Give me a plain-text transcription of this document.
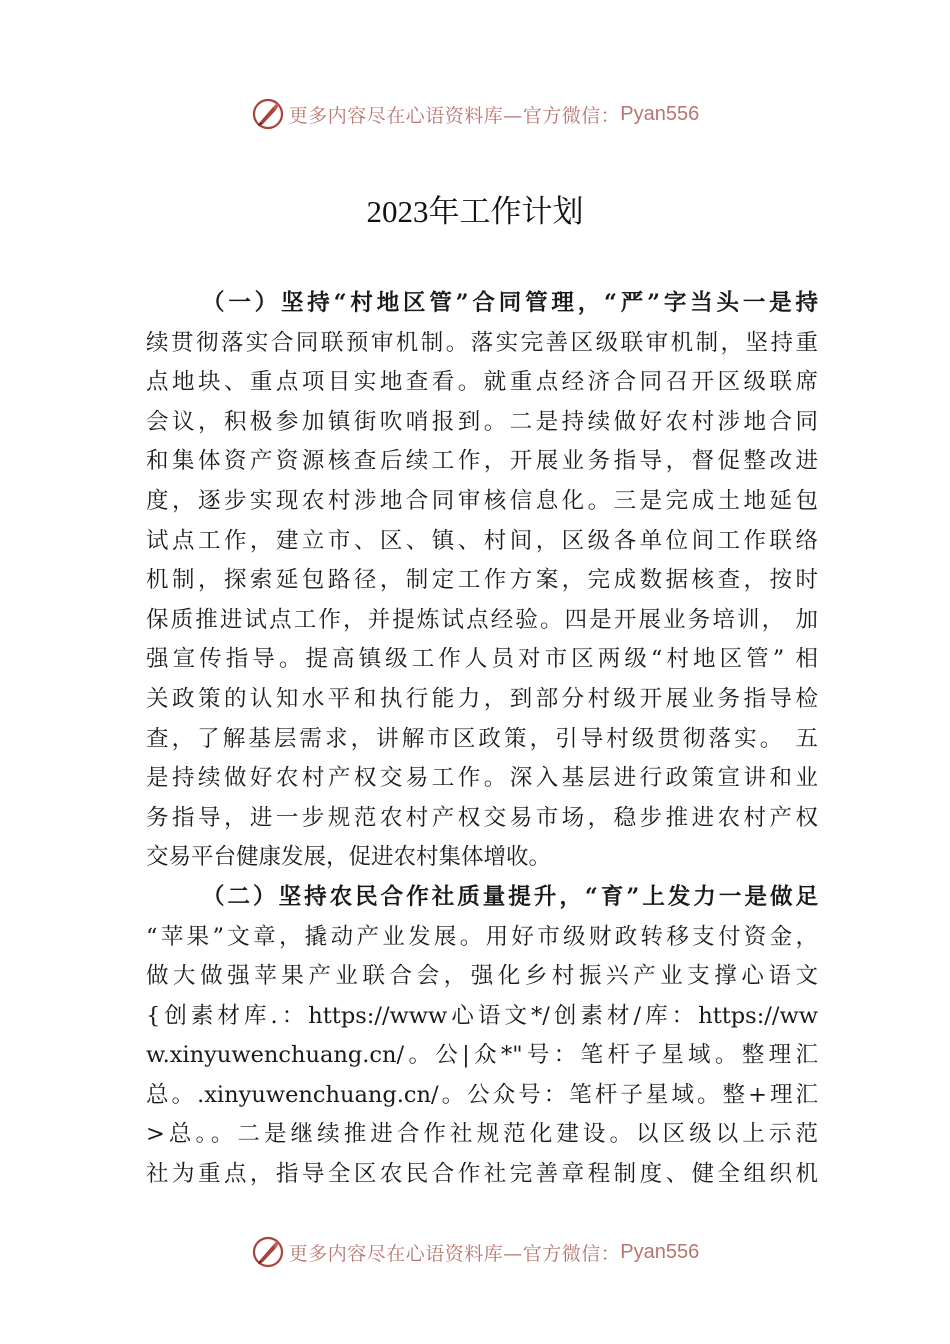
更多内容尽在心语资料库—官方微信： Pyan556
2023年工作计划
（一）坚持“村地区管”合同管理，“严”字当头一是持
续贯彻落实合同联预审机制。落实完善区级联审机制，坚持重
点地块、重点项目实地查看。就重点经济合同召开区级联席
会议，积极参加镇街吹哨报到。二是持续做好农村涉地合同
和集体资产资源核查后续工作，开展业务指导，督促整改进
度，逐步实现农村涉地合同审核信息化。三是完成土地延包
试点工作，建立市、区、镇、村间，区级各单位间工作联络
机制，探索延包路径，制定工作方案，完成数据核查，按时
保质推进试点工作，并提炼试点经验。四是开展业务培训， 加
强宣传指导。提高镇级工作人员对市区两级“村地区管” 相
关政策的认知水平和执行能力，到部分村级开展业务指导检
查，了解基层需求，讲解市区政策，引导村级贯彻落实。 五
是持续做好农村产权交易工作。深入基层进行政策宣讲和业
务指导，进一步规范农村产权交易市场，稳步推进农村产权
交易平台健康发展，促进农村集体增收。
（二）坚持农民合作社质量提升，“育”上发力一是做足
“苹果”文章，撬动产业发展。用好市级财政转移支付资金，
做大做强苹果产业联合会，强化乡村振兴产业支撑心语文
{创素材库.：https://www心语文*/创素材/库：https://ww
w.xinyuwenchuang.cn/。公|众*"号：笔杆子星域。整理汇
总。.xinyuwenchuang.cn/。公众号：笔杆子星域。整+理汇
>总。。二是继续推进合作社规范化建设。以区级以上示范
社为重点，指导全区农民合作社完善章程制度、健全组织机
更多内容尽在心语资料库—官方微信： Pyan556
